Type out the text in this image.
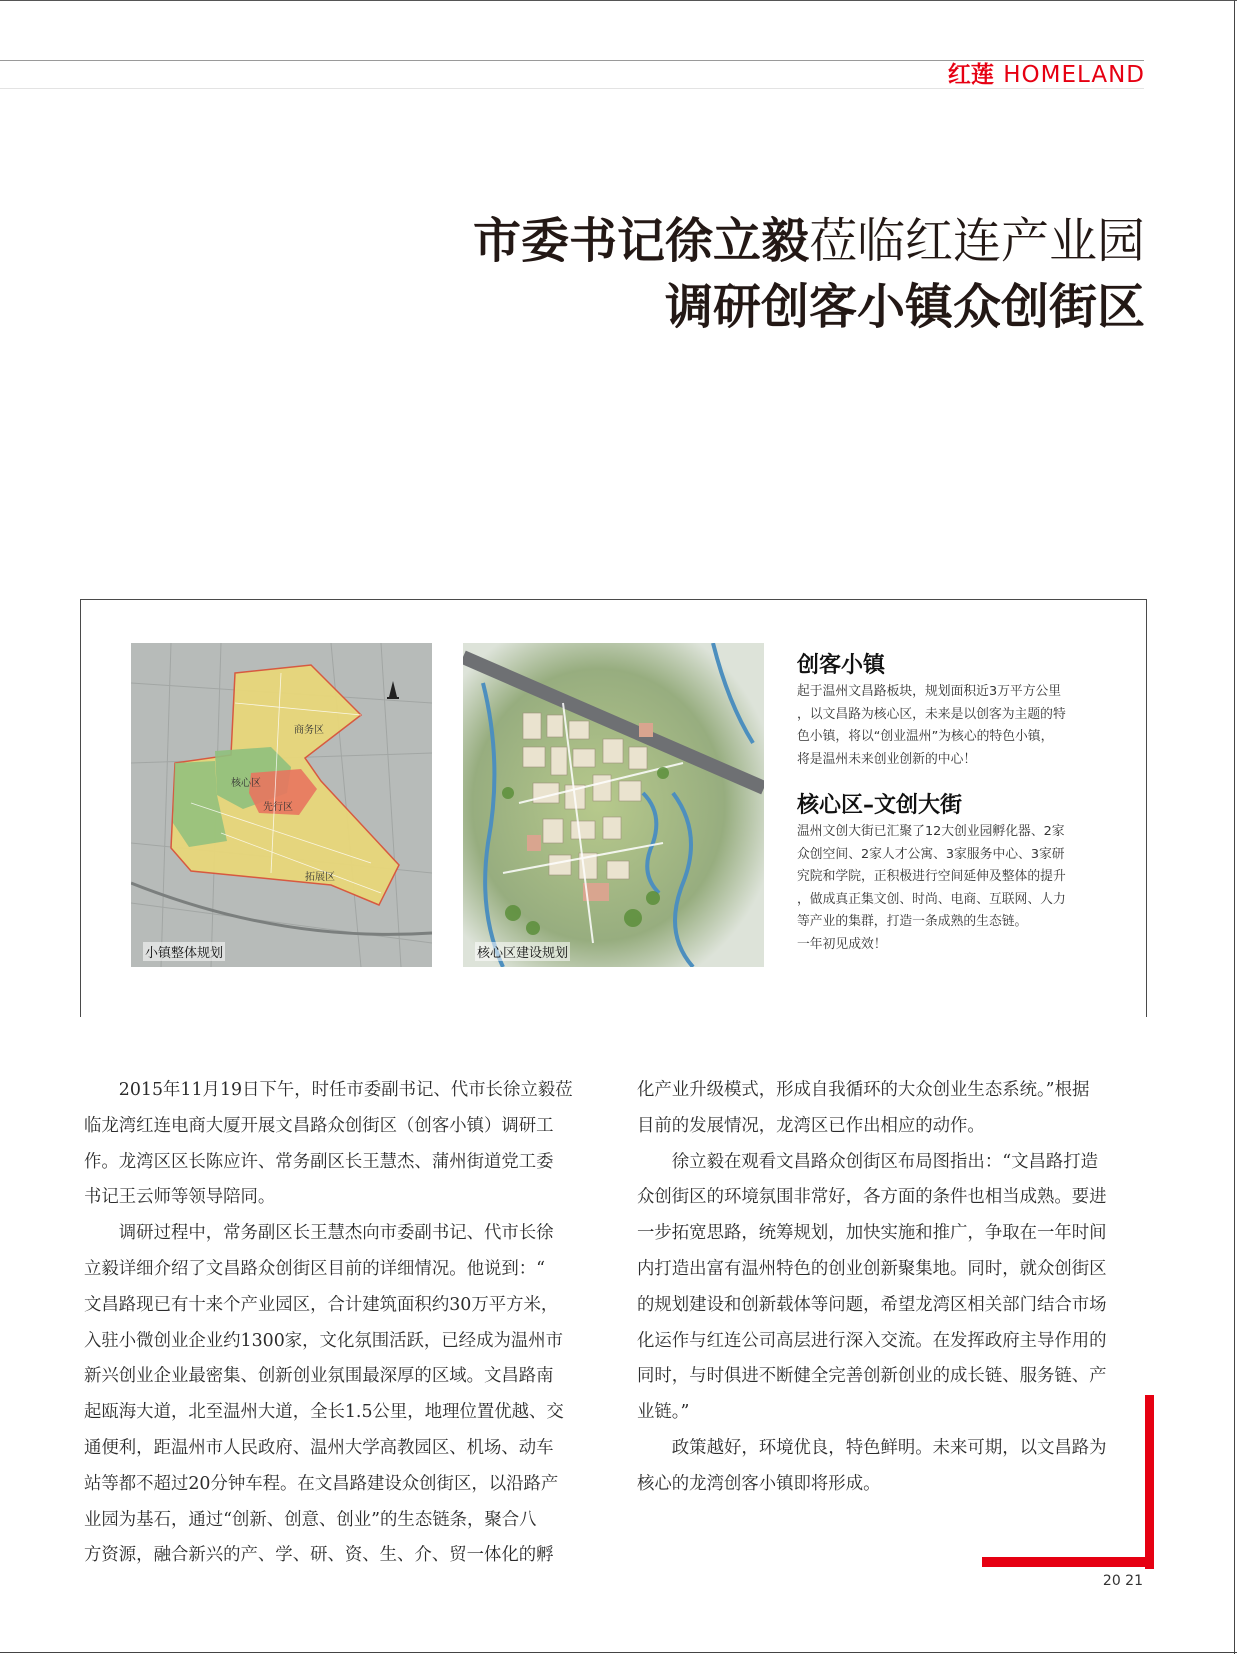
红莲 HOMELAND
市委书记徐立毅莅临红连产业园
调研创客小镇众创街区
商务区
核心区
先行区
拓展区
小镇整体规划	核心区建设规划
创客小镇
起于温州文昌路板块，规划面积近3万平方公里
，以文昌路为核心区，未来是以创客为主题的特
色小镇，将以“创业温州”为核心的特色小镇，
将是温州未来创业创新的中心！
核心区–文创大街
温州文创大街已汇聚了12大创业园孵化器、2家
众创空间、2家人才公寓、3家服务中心、3家研
究院和学院，正积极进行空间延伸及整体的提升
，做成真正集文创、时尚、电商、互联网、人力
等产业的集群，打造一条成熟的生态链。
一年初见成效！
　　2015年11月19日下午，时任市委副书记、代市长徐立毅莅
临龙湾红连电商大厦开展文昌路众创街区（创客小镇）调研工
作。龙湾区区长陈应许、常务副区长王慧杰、蒲州街道党工委
书记王云师等领导陪同。
　　调研过程中，常务副区长王慧杰向市委副书记、代市长徐
立毅详细介绍了文昌路众创街区目前的详细情况。他说到：“
文昌路现已有十来个产业园区，合计建筑面积约30万平方米，
入驻小微创业企业约1300家，文化氛围活跃，已经成为温州市
新兴创业企业最密集、创新创业氛围最深厚的区域。文昌路南
起瓯海大道，北至温州大道，全长1.5公里，地理位置优越、交
通便利，距温州市人民政府、温州大学高教园区、机场、动车
站等都不超过20分钟车程。在文昌路建设众创街区，以沿路产
业园为基石，通过“创新、创意、创业”的生态链条，聚合八
方资源，融合新兴的产、学、研、资、生、介、贸一体化的孵
化产业升级模式，形成自我循环的大众创业生态系统。”根据
目前的发展情况，龙湾区已作出相应的动作。
　　徐立毅在观看文昌路众创街区布局图指出：“文昌路打造
众创街区的环境氛围非常好，各方面的条件也相当成熟。要进
一步拓宽思路，统筹规划，加快实施和推广，争取在一年时间
内打造出富有温州特色的创业创新聚集地。同时，就众创街区
的规划建设和创新载体等问题，希望龙湾区相关部门结合市场
化运作与红连公司高层进行深入交流。在发挥政府主导作用的
同时，与时俱进不断健全完善创新创业的成长链、服务链、产
业链。”
　　政策越好，环境优良，特色鲜明。未来可期，以文昌路为
核心的龙湾创客小镇即将形成。
20 21
